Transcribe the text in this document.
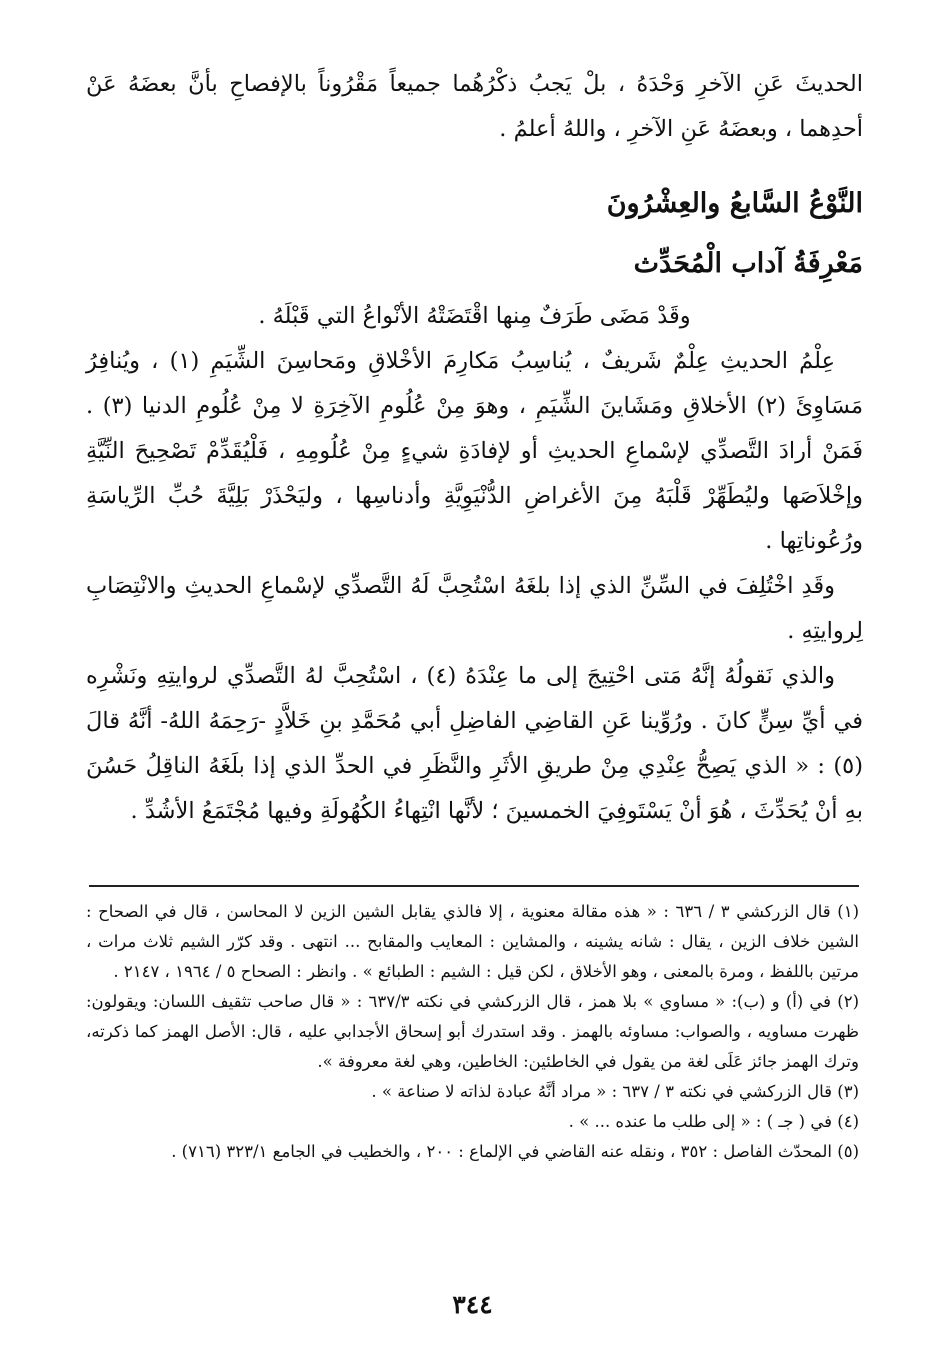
الحديثَ عَنِ الآخرِ وَحْدَهُ ، بلْ يَجبُ ذكْرُهُما جميعاً مَقْرُوناً بالإفصاحِ بأنَّ بعضَهُ عَنْ أحدِهما ، وبعضَهُ عَنِ الآخرِ ، واللهُ أعلمُ .

النَّوْعُ السَّابعُ والعِشْرُونَ
مَعْرِفَةُ آداب الْمُحَدِّث

وقَدْ مَضَى طَرَفٌ مِنها اقْتَضَتْهُ الأنْواعُ التي قَبْلَهُ .

عِلْمُ الحديثِ عِلْمٌ شَريفٌ ، يُناسِبُ مَكارِمَ الأخْلاقِ ومَحاسِنَ الشِّيَمِ (١) ، ويُنافِرُ مَسَاوِئَ (٢) الأخلاقِ ومَشَاينَ الشِّيَمِ ، وهوَ مِنْ عُلُومِ الآخِرَةِ لا مِنْ عُلُومِ الدنيا (٣) . فَمَنْ أرادَ التَّصدِّي لإسْماعِ الحديثِ أو لإفادَةِ شيءٍ مِنْ عُلُومِهِ ، فَلْيُقَدِّمْ تَصْحِيحَ النِّيَّةِ وإخْلاَصَها وليُطَهِّرْ قَلْبَهُ مِنَ الأغراضِ الدُّنْيَوِيَّةِ وأدناسِها ، وليَحْذَرْ بَلِيَّةَ حُبِّ الرِّياسَةِ ورُعُوناتِها .

وقَدِ اخْتُلِفَ في السِّنِّ الذي إذا بلغَهُ اسْتُحِبَّ لَهُ التَّصدِّي لإسْماعِ الحديثِ والانْتِصَابِ لِروايتِهِ .

والذي نَقولُهُ إنَّهُ مَتى احْتِيجَ إلى ما عِنْدَهُ (٤) ، اسْتُحِبَّ لهُ التَّصدِّي لروايتِهِ ونَشْرِه في أيِّ سِنٍّ كانَ . ورُوِّينا عَنِ القاضِي الفاضِلِ أبي مُحَمَّدِ بنِ خَلاَّدٍ -رَحِمَهُ اللهُ- أنَّهُ قالَ (٥) : « الذي يَصِحُّ عِنْدِي مِنْ طريقِ الأثَرِ والنَّظَرِ في الحدِّ الذي إذا بلَغَهُ الناقِلُ حَسُنَ بهِ أنْ يُحَدِّثَ ، هُوَ أنْ يَسْتَوفِيَ الخمسينَ ؛ لأنَّها انْتِهاءُ الكُهُولَةِ وفيها مُجْتَمَعُ الأشُدِّ .

(١) قال الزركشي ٣ / ٦٣٦ : « هذه مقالة معنوية ، إلا فالذي يقابل الشين الزين لا المحاسن ، قال في الصحاح : الشين خلاف الزين ، يقال : شانه يشينه ، والمشاين : المعايب والمقابح ... انتهى . وقد كرّر الشيم ثلاث مرات ، مرتين باللفظ ، ومرة بالمعنى ، وهو الأخلاق ، لكن قيل : الشيم : الطبائع » . وانظر : الصحاح ٥ / ١٩٦٤ ، ٢١٤٧ .

(٢) في (أ) و (ب): « مساوي » بلا همز ، قال الزركشي في نكته ٦٣٧/٣ : « قال صاحب تثقيف اللسان: ويقولون: ظهرت مساويه ، والصواب: مساوئه بالهمز . وقد استدرك أبو إسحاق الأجدابي عليه ، قال: الأصل الهمز كما ذكرته، وترك الهمز جائز عَلَى لغة من يقول في الخاطئين: الخاطين، وهي لغة معروفة ».

(٣) قال الزركشي في نكته ٣ / ٦٣٧ : « مراد أنَّهُ عبادة لذاته لا صناعة » .

(٤) في ( جـ ) : « إلى طلب ما عنده ... » .

(٥) المحدّث الفاصل : ٣٥٢ ، ونقله عنه القاضي في الإلماع : ٢٠٠ ، والخطيب في الجامع ٣٢٣/١ (٧١٦) .

٣٤٤
